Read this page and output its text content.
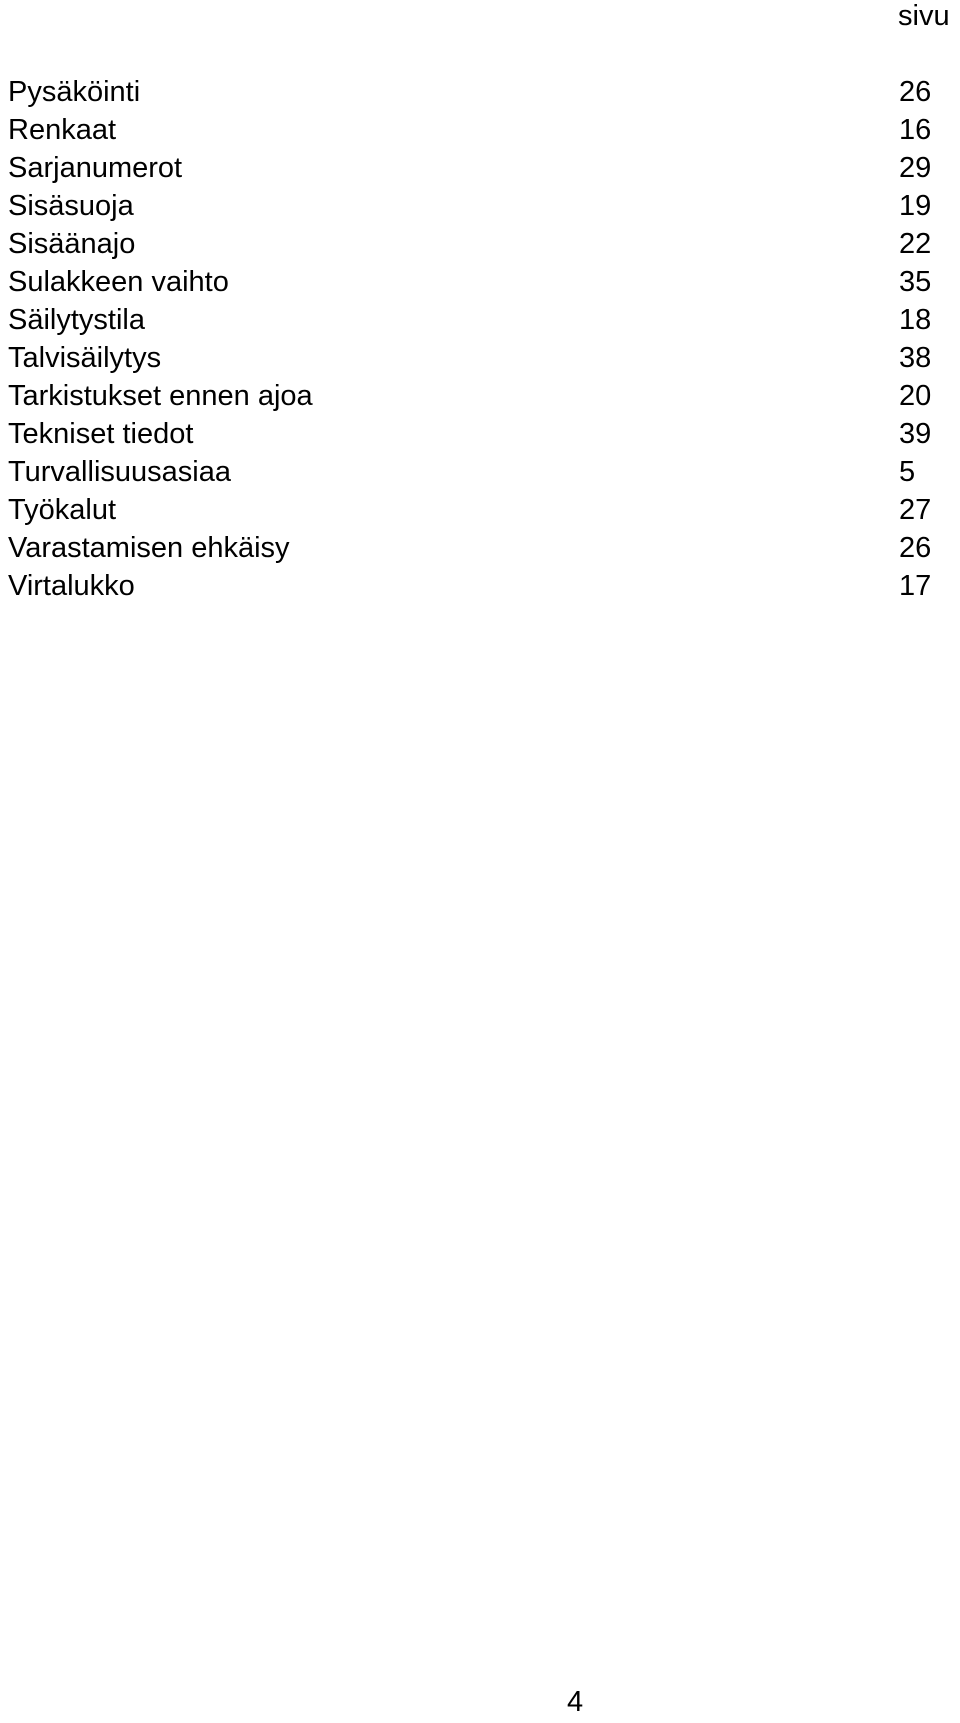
sivu
Pysäköinti	26
Renkaat	16
Sarjanumerot	29
Sisäsuoja	19
Sisäänajo	22
Sulakkeen vaihto	35
Säilytystila	18
Talvisäilytys	38
Tarkistukset ennen ajoa	20
Tekniset tiedot	39
Turvallisuusasiaa	5
Työkalut	27
Varastamisen ehkäisy	26
Virtalukko	17
4
